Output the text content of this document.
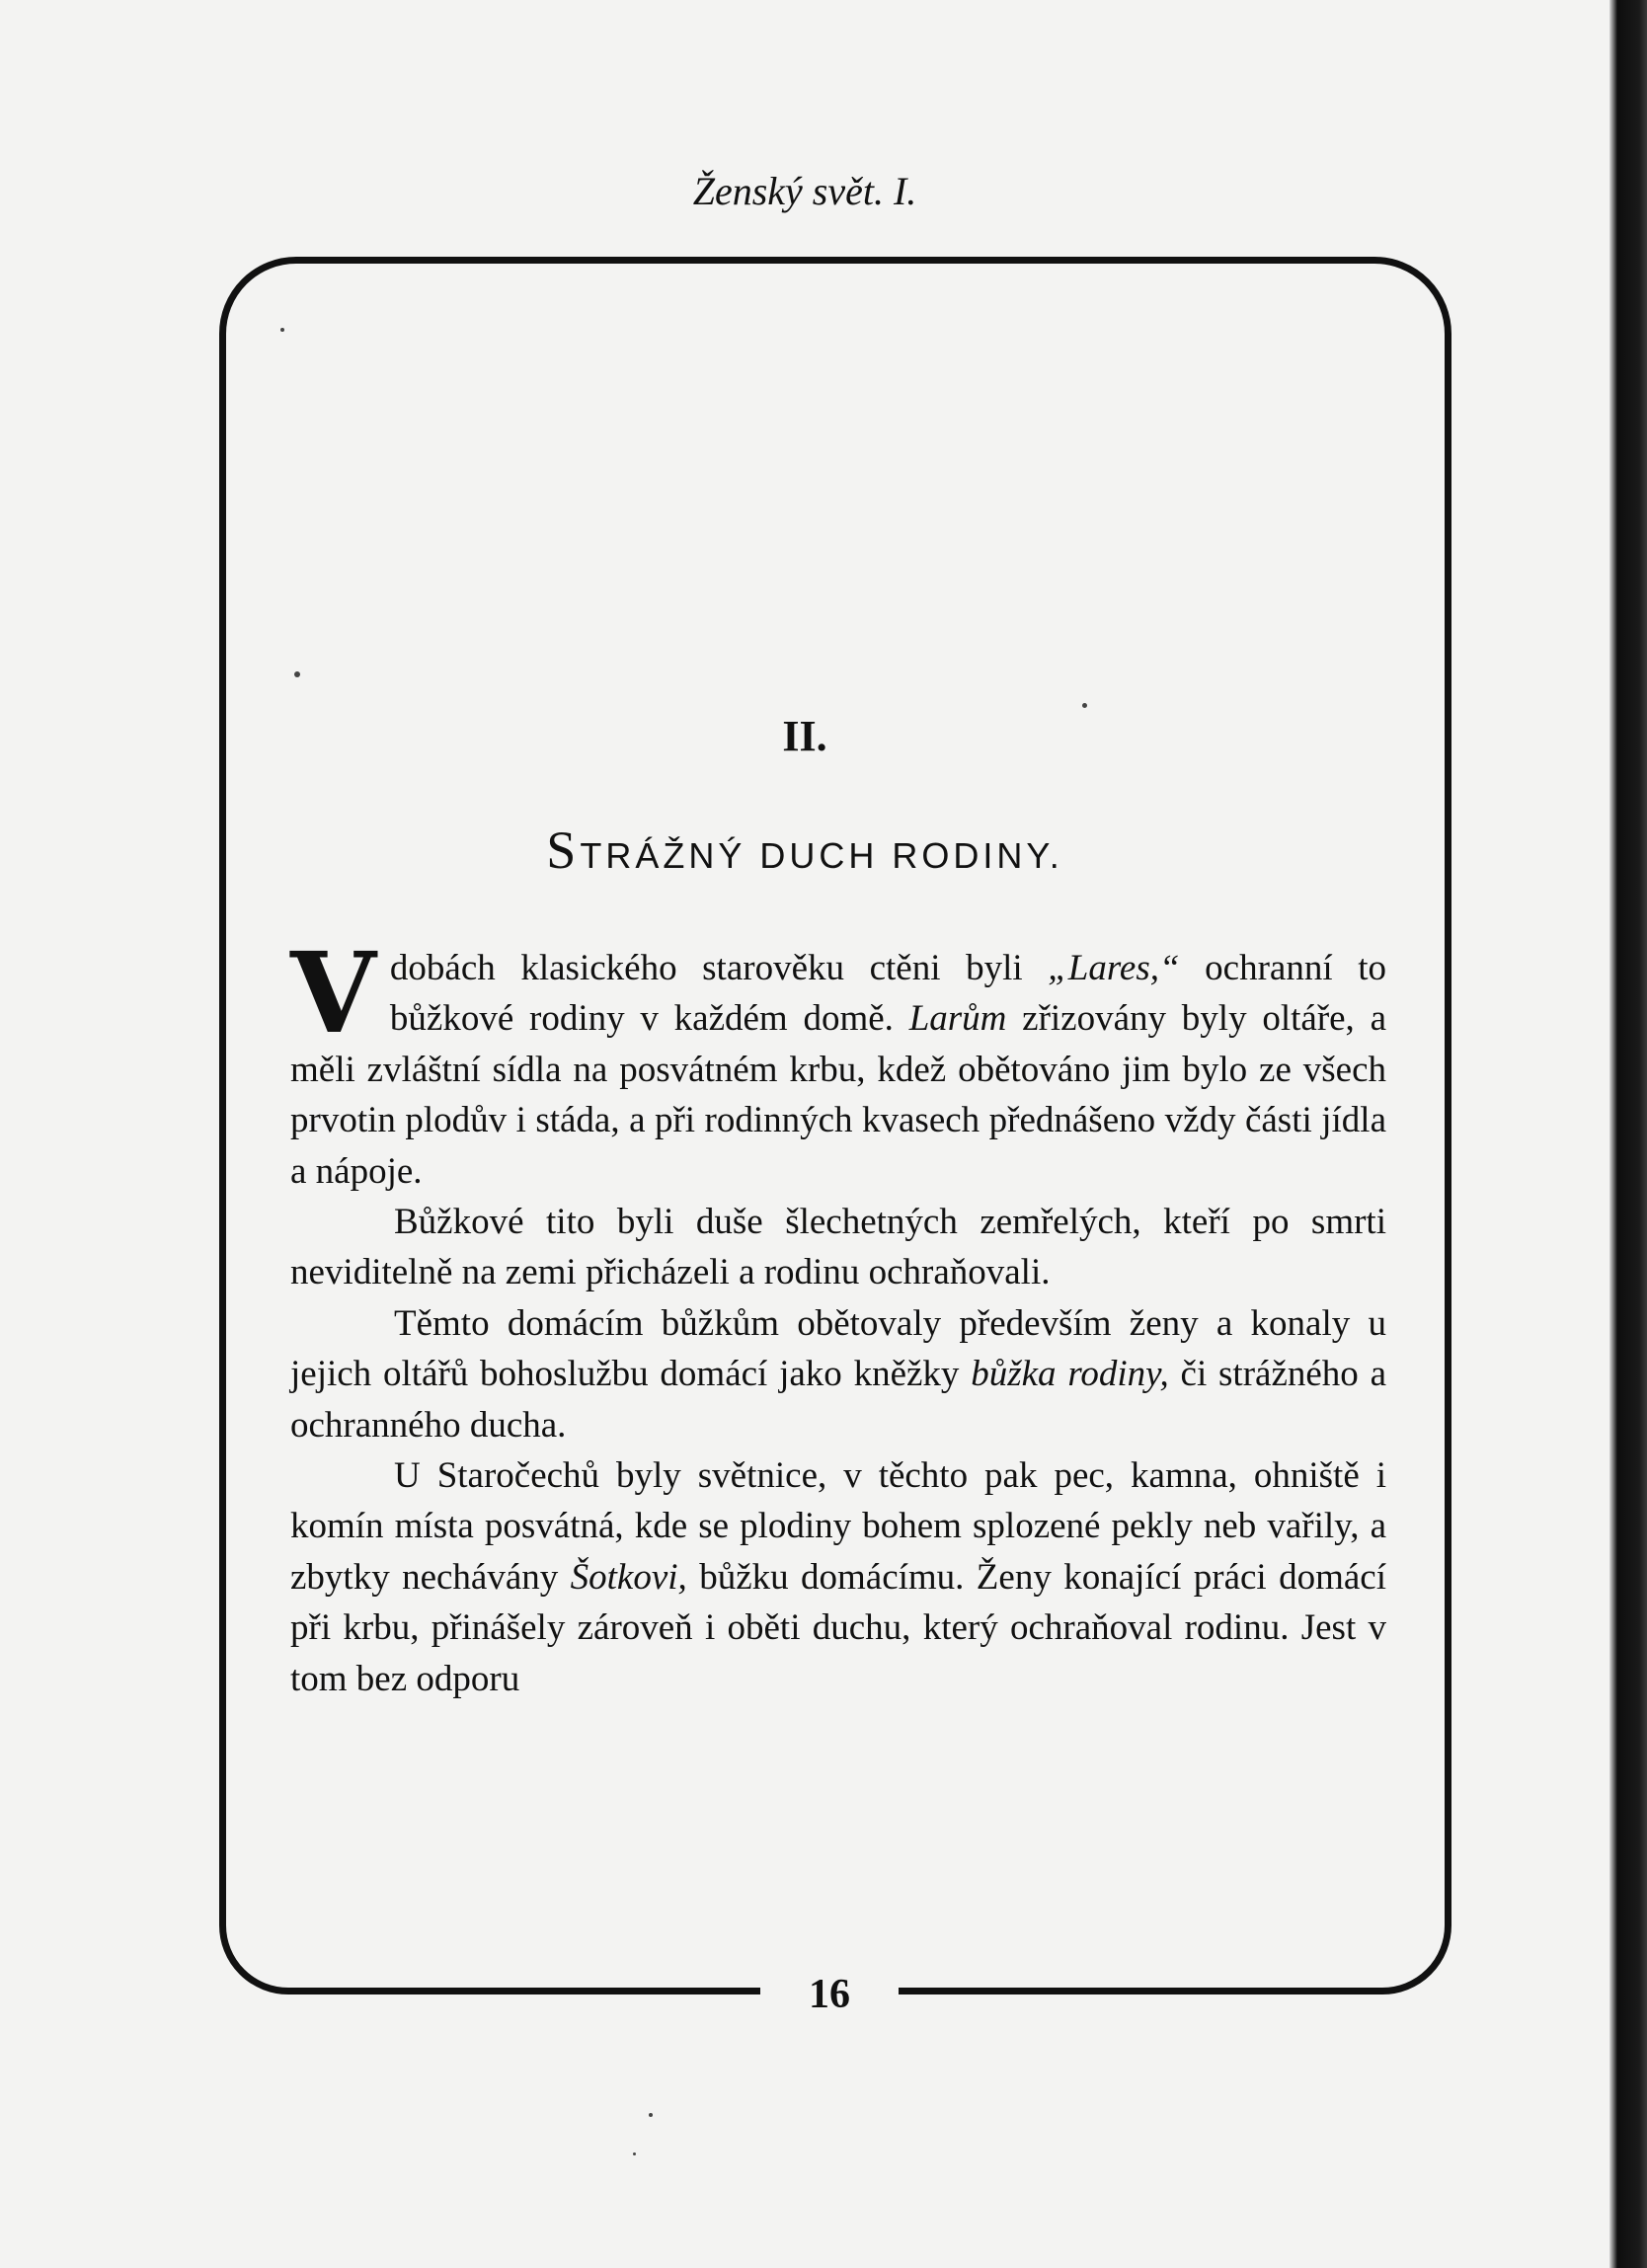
Ženský svět. I.
16
II.
STRÁŽNÝ DUCH RODINY.

V dobách klasického starověku ctěni byli „Lares,“ ochranní to bůžkové rodiny v každém domě. Larům zřizovány byly oltáře, a měli zvláštní sídla na posvátném krbu, kdež obětováno jim bylo ze všech prvotin plodův i stáda, a při rodinných kvasech přednášeno vždy části jídla a nápoje.

Bůžkové tito byli duše šlechetných zemřelých, kteří po smrti neviditelně na zemi přicházeli a rodinu ochraňovali.

Těmto domácím bůžkům obětovaly především ženy a konaly u jejich oltářů bohoslužbu domácí jako kněžky bůžka rodiny, či strážného a ochranného ducha.

U Staročechů byly světnice, v těchto pak pec, kamna, ohniště i komín místa posvátná, kde se plodiny bohem splozené pekly neb vařily, a zbytky nechávány Šotkovi, bůžku domácímu. Ženy konající práci domácí při krbu, přinášely zároveň i oběti duchu, který ochraňoval rodinu. Jest v tom bez odporu
